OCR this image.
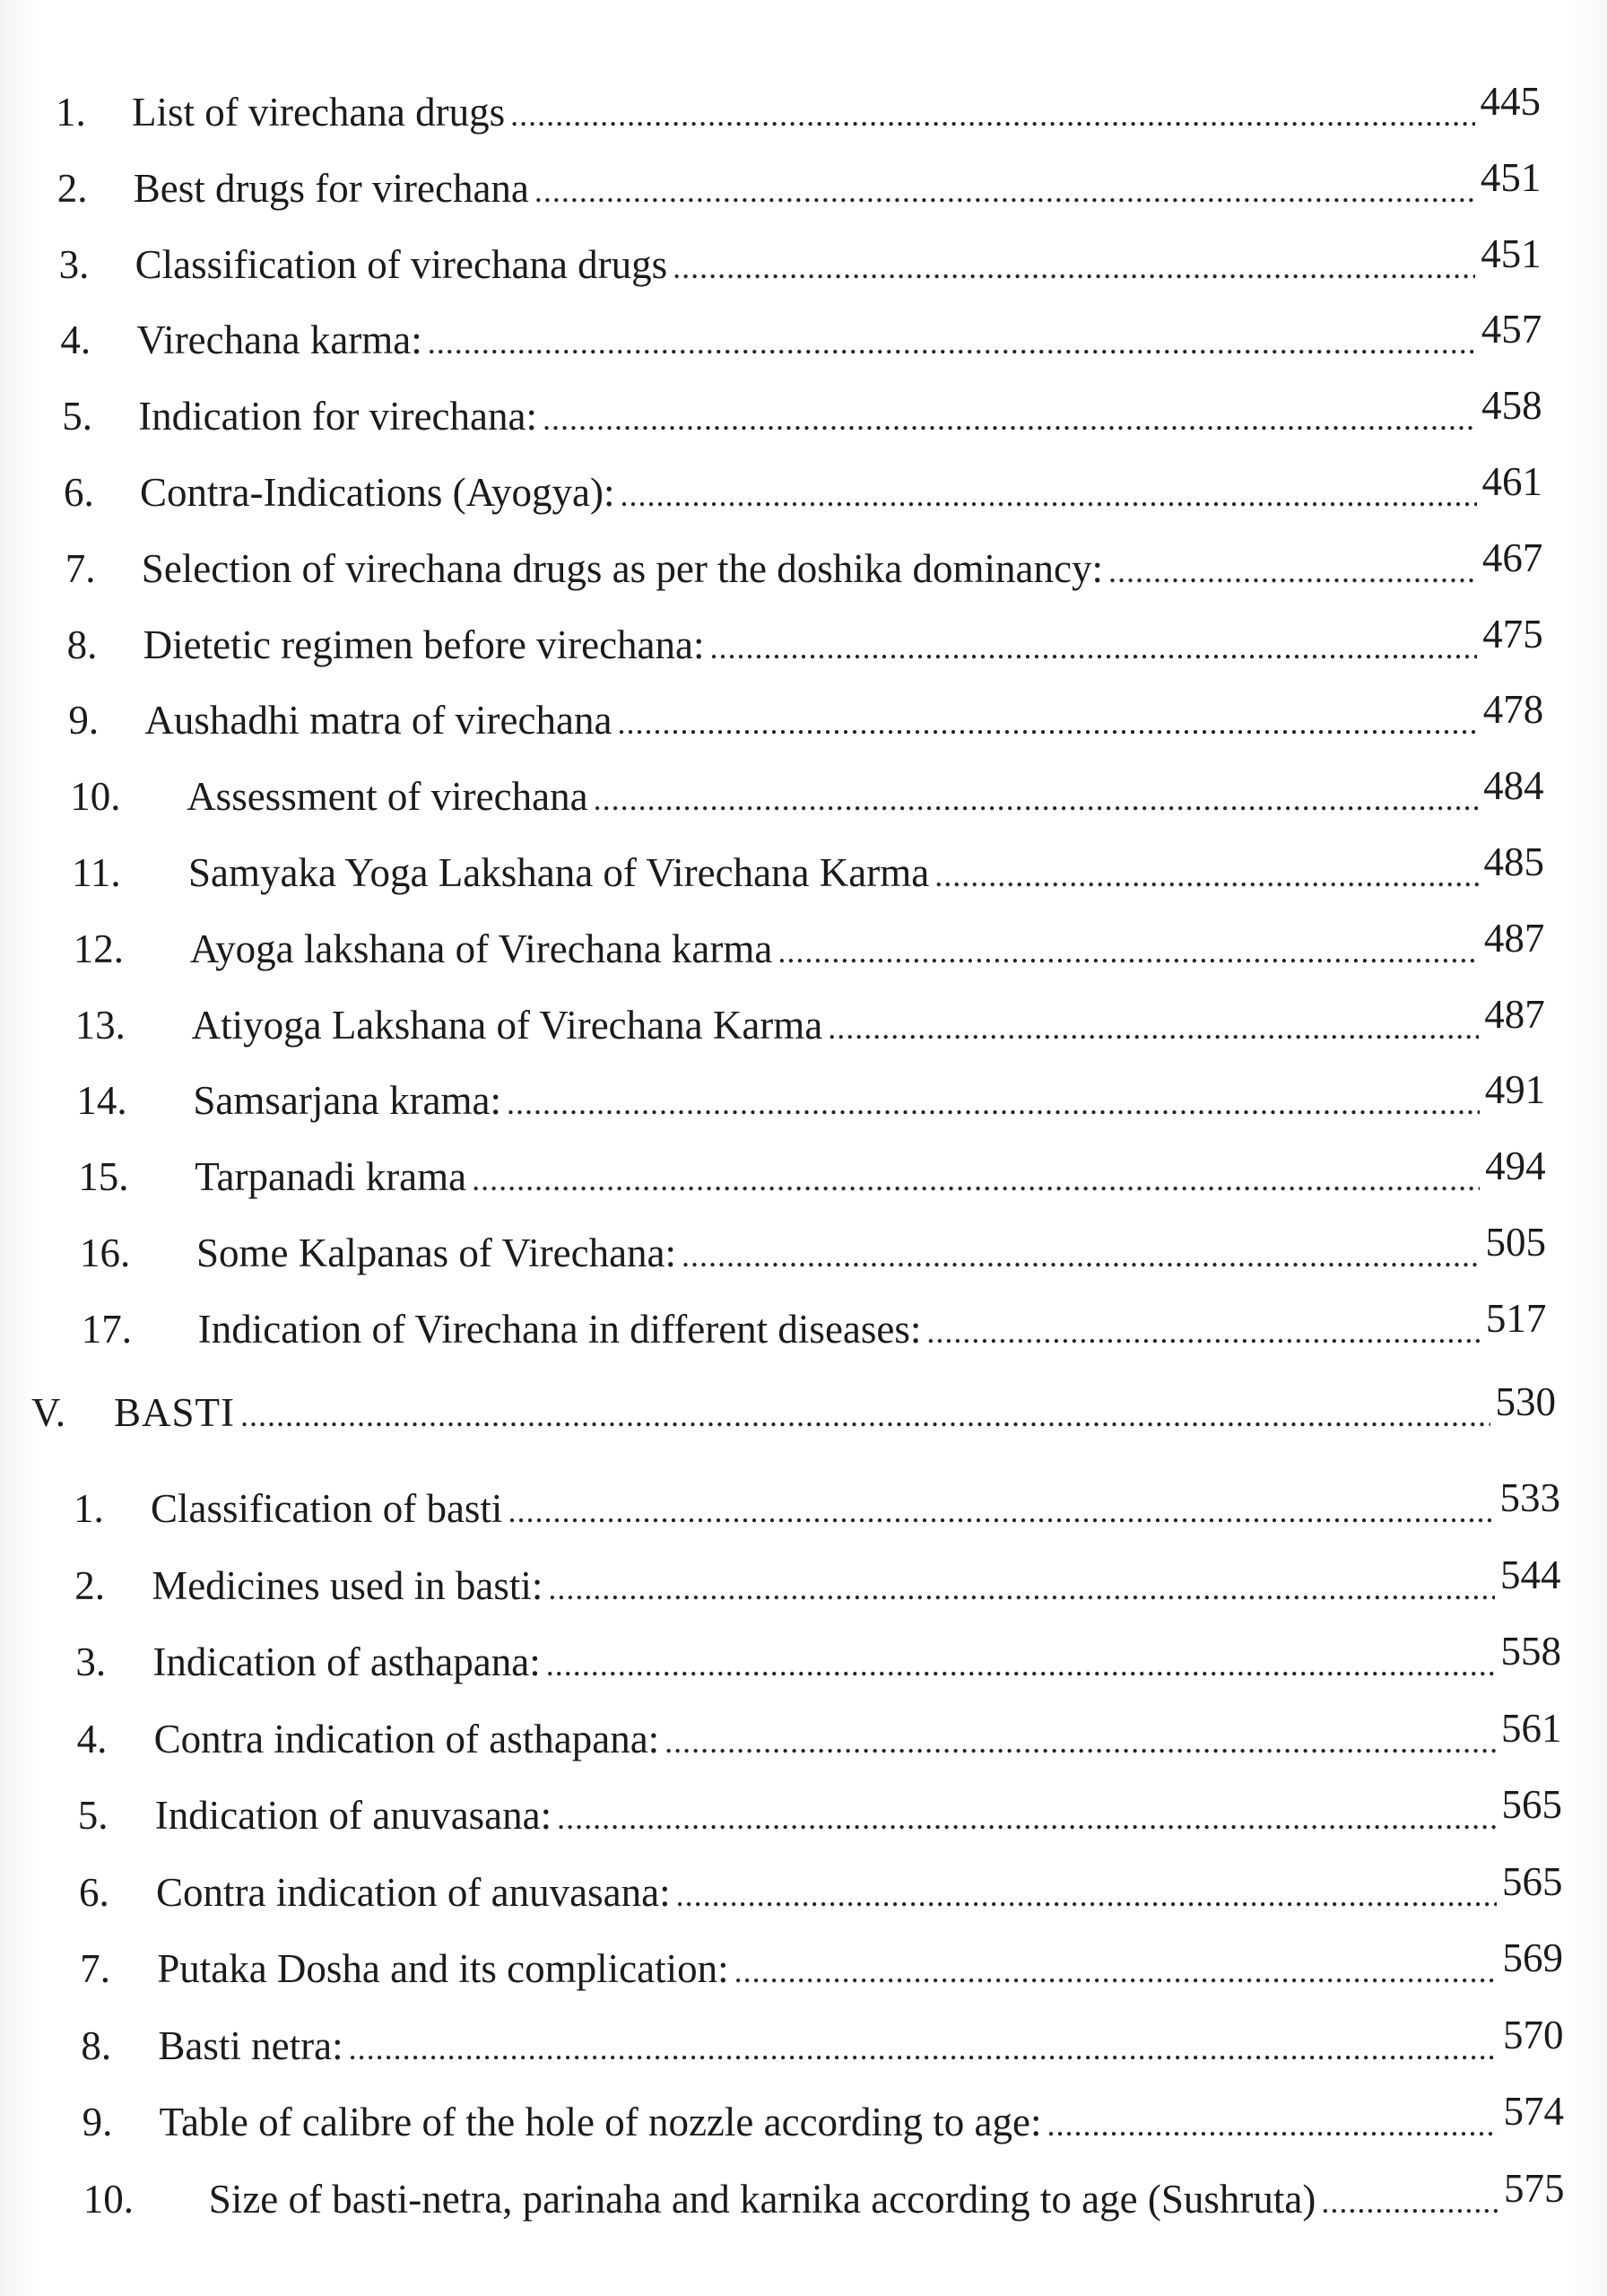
1.	List of virechana drugs .....	445
2.	Best drugs for virechana .....	451
3.	Classification of virechana drugs .....	451
4.	Virechana karma: .....	457
5.	Indication for virechana: .....	458
6.	Contra-Indications (Ayogya): .....	461
7.	Selection of virechana drugs as per the doshika dominancy: .....	467
8.	Dietetic regimen before virechana: .....	475
9.	Aushadhi matra of virechana .....	478
10.	Assessment of virechana .....	484
11.	Samyaka Yoga Lakshana of Virechana Karma .....	485
12.	Ayoga lakshana of Virechana karma .....	487
13.	Atiyoga Lakshana of Virechana Karma .....	487
14.	Samsarjana krama: .....	491
15.	Tarpanadi krama .....	494
16.	Some Kalpanas of Virechana: .....	505
17.	Indication of Virechana in different diseases: .....	517
V.	BASTI .....	530
1.	Classification of basti .....	533
2.	Medicines used in basti: .....	544
3.	Indication of asthapana: .....	558
4.	Contra indication of asthapana: .....	561
5.	Indication of anuvasana: .....	565
6.	Contra indication of anuvasana: .....	565
7.	Putaka Dosha and its complication: .....	569
8.	Basti netra: .....	570
9.	Table of calibre of the hole of nozzle according to age: .....	574
10.	Size of basti-netra, parinaha and karnika according to age (Sushruta) .....	575
